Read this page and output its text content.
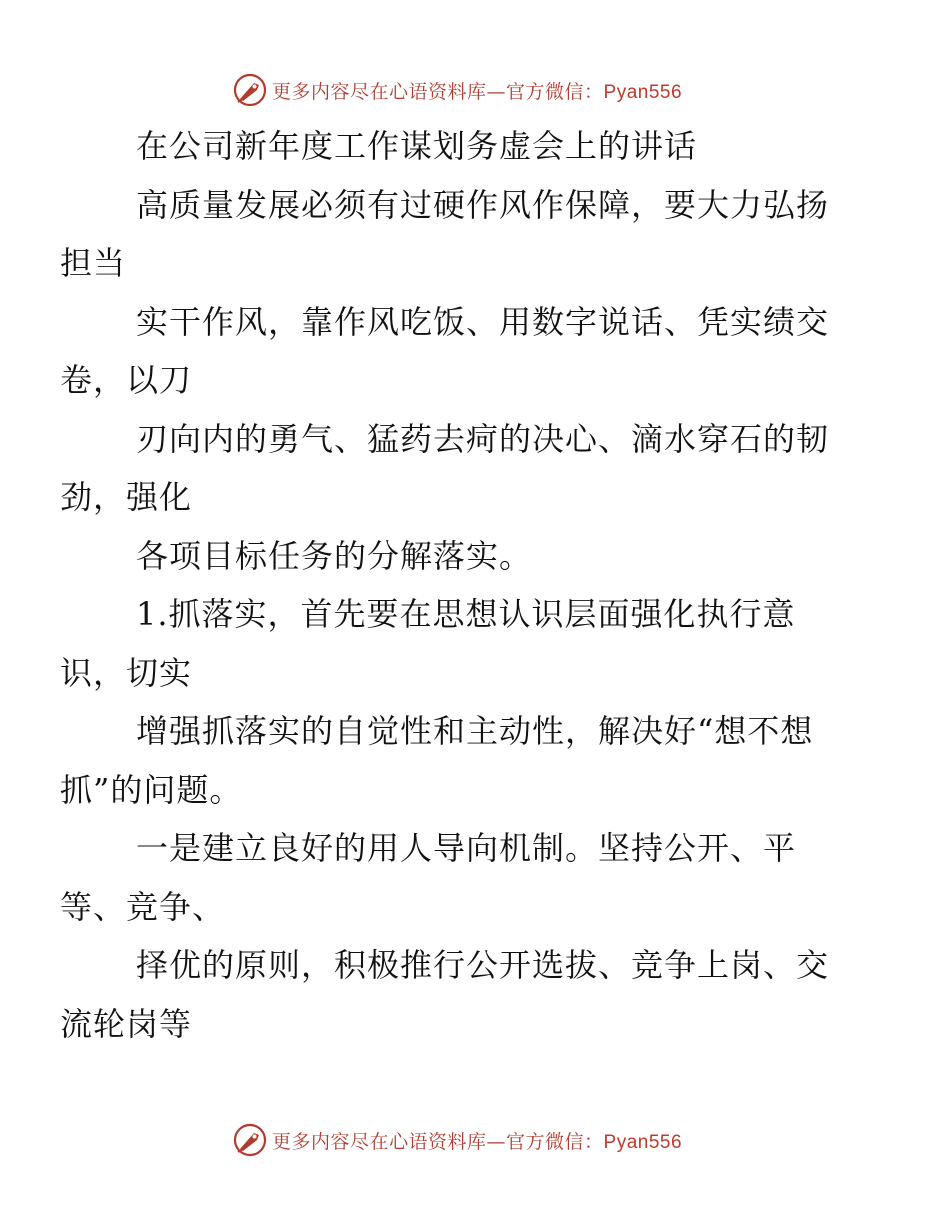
更多内容尽在心语资料库—官方微信：Pyan556

在公司新年度工作谋划务虚会上的讲话

高质量发展必须有过硬作风作保障，要大力弘扬
担当

实干作风，靠作风吃饭、用数字说话、凭实绩交
卷，以刀

刃向内的勇气、猛药去疴的决心、滴水穿石的韧
劲，强化

各项目标任务的分解落实。

1.抓落实，首先要在思想认识层面强化执行意
识，切实

增强抓落实的自觉性和主动性，解决好“想不想
抓”的问题。

一是建立良好的用人导向机制。坚持公开、平
等、竞争、

择优的原则，积极推行公开选拔、竞争上岗、交
流轮岗等

更多内容尽在心语资料库—官方微信：Pyan556
